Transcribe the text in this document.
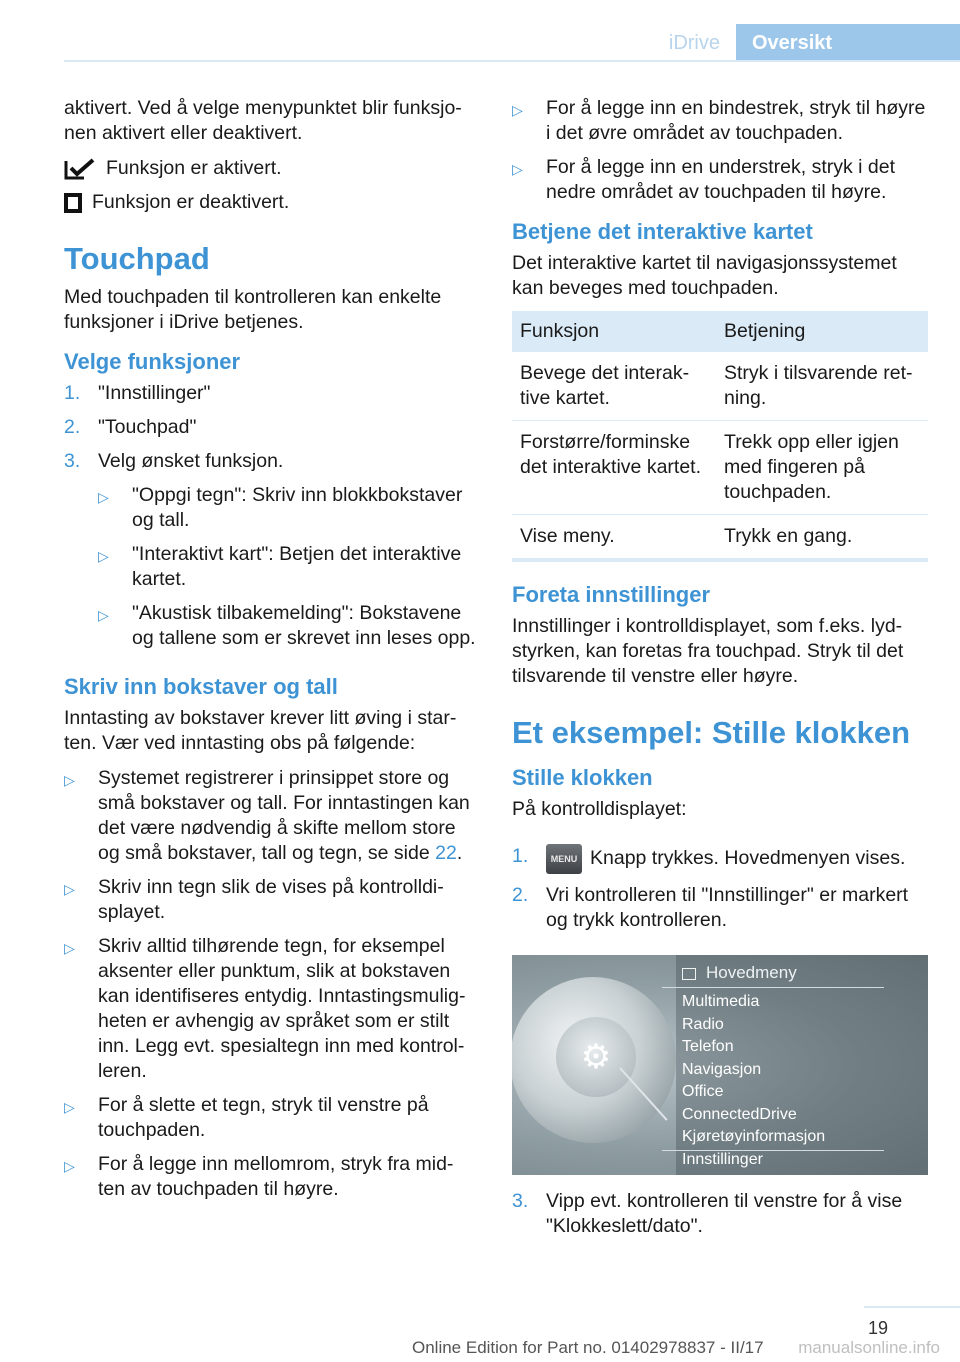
iDrive	Oversikt

aktivert. Ved å velge menypunktet blir funksjo‐nen aktivert eller deaktivert.

Funksjon er aktivert.
Funksjon er deaktivert.
Touchpad

Med touchpaden til kontrolleren kan enkelte funksjoner i iDrive betjenes.

Velge funksjoner
1. "Innstillinger"
2. "Touchpad"
3. Velg ønsket funksjon.
▷	"Oppgi tegn": Skriv inn blokkbokstaver og tall.
▷	"Interaktivt kart": Betjen det interaktive kartet.
▷	"Akustisk tilbakemelding": Bokstavene og tallene som er skrevet inn leses opp.
Skriv inn bokstaver og tall

Inntasting av bokstaver krever litt øving i star‐ten. Vær ved inntasting obs på følgende:

▷	Systemet registrerer i prinsippet store og små bokstaver og tall. For inntastingen kan det være nødvendig å skifte mellom store og små bokstaver, tall og tegn, se side 22.
▷	Skriv inn tegn slik de vises på kontrolldi‐splayet.
▷	Skriv alltid tilhørende tegn, for eksempel aksenter eller punktum, slik at bokstaven kan identifiseres entydig. Inntastingsmulig‐heten er avhengig av språket som er stilt inn. Legg evt. spesialtegn inn med kontrol‐leren.
▷	For å slette et tegn, stryk til venstre på touchpaden.
▷	For å legge inn mellomrom, stryk fra mid‐ten av touchpaden til høyre.
▷	For å legge inn en bindestrek, stryk til høyre i det øvre området av touchpaden.
▷	For å legge inn en understrek, stryk i det nedre området av touchpaden til høyre.
Betjene det interaktive kartet

Det interaktive kartet til navigasjonssystemet kan beveges med touchpaden.

Funksjon	Betjening
Bevege det interak‐tive kartet.	Stryk i tilsvarende ret‐ning.
Forstørre/forminske det interaktive kartet.	Trekk opp eller igjen med fingeren på touchpaden.
Vise meny.	Trykk en gang.
Foreta innstillinger

Innstillinger i kontrolldisplayet, som f.eks. lyd‐styrken, kan foretas fra touchpad. Stryk til det tilsvarende til venstre eller høyre.

Et eksempel: Stille klokken
Stille klokken

På kontrolldisplayet:

1.	MENU Knapp trykkes. Hovedmenyen vises.
2. Vri kontrolleren til "Innstillinger" er markert og trykk kontrolleren.
⚙
Hovedmeny
Multimedia
Radio
Telefon
Navigasjon
Office
ConnectedDrive
Kjøretøyinformasjon
Innstillinger
3. Vipp evt. kontrolleren til venstre for å vise "Klokkeslett/dato".
19
Online Edition for Part no. 01402978837 - II/17 manualsonline.info
